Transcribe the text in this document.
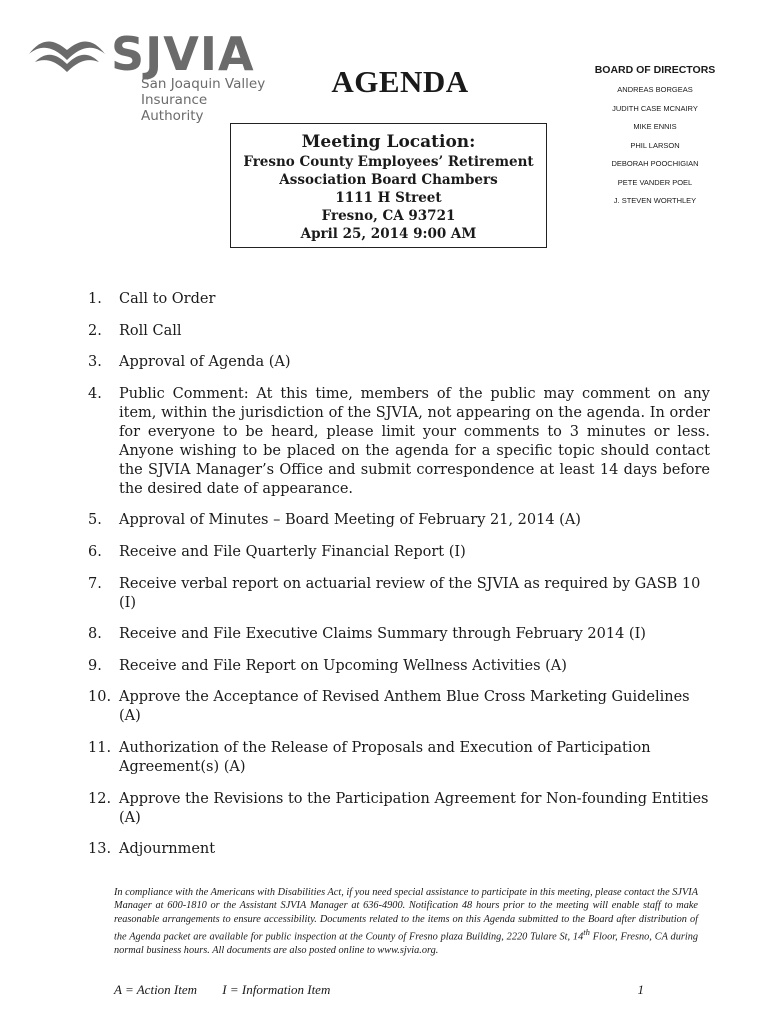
SJVIA
San Joaquin Valley
Insurance Authority
AGENDA	BOARD OF DIRECTORS
ANDREAS BORGEAS
JUDITH CASE MCNAIRY
MIKE ENNIS
PHIL LARSON
DEBORAH POOCHIGIAN
PETE VANDER POEL
J. STEVEN WORTHLEY
Meeting Location:
Fresno County Employees’ Retirement
Association Board Chambers
1111 H Street
Fresno, CA 93721
April 25, 2014 9:00 AM
1.	Call to Order
2.	Roll Call
3.	Approval of Agenda (A)
4.	Public Comment: At this time, members of the public may comment on any item, within the jurisdiction of the SJVIA, not appearing on the agenda. In order for everyone to be heard, please limit your comments to 3 minutes or less. Anyone wishing to be placed on the agenda for a specific topic should contact the SJVIA Manager’s Office and submit correspondence at least 14 days before the desired date of appearance.
5.	Approval of Minutes – Board Meeting of February 21, 2014 (A)
6.	Receive and File Quarterly Financial Report (I)
7.	Receive verbal report on actuarial review of the SJVIA as required by GASB 10 (I)
8.	Receive and File Executive Claims Summary through February 2014 (I)
9.	Receive and File Report on Upcoming Wellness Activities (A)
10. Approve the Acceptance of Revised Anthem Blue Cross Marketing Guidelines (A)
11. Authorization of the Release of Proposals and Execution of Participation Agreement(s) (A)
12. Approve the Revisions to the Participation Agreement for Non-founding Entities (A)
13. Adjournment
In compliance with the Americans with Disabilities Act, if you need special assistance to participate in this meeting, please contact the SJVIA Manager at 600-1810 or the Assistant SJVIA Manager at 636-4900. Notification 48 hours prior to the meeting will enable staff to make reasonable arrangements to ensure accessibility. Documents related to the items on this Agenda submitted to the Board after distribution of the Agenda packet are available for public inspection at the County of Fresno plaza Building, 2220 Tulare St, 14th Floor, Fresno, CA during normal business hours. All documents are also posted online to www.sjvia.org.
A = Action Item I = Information Item	1
